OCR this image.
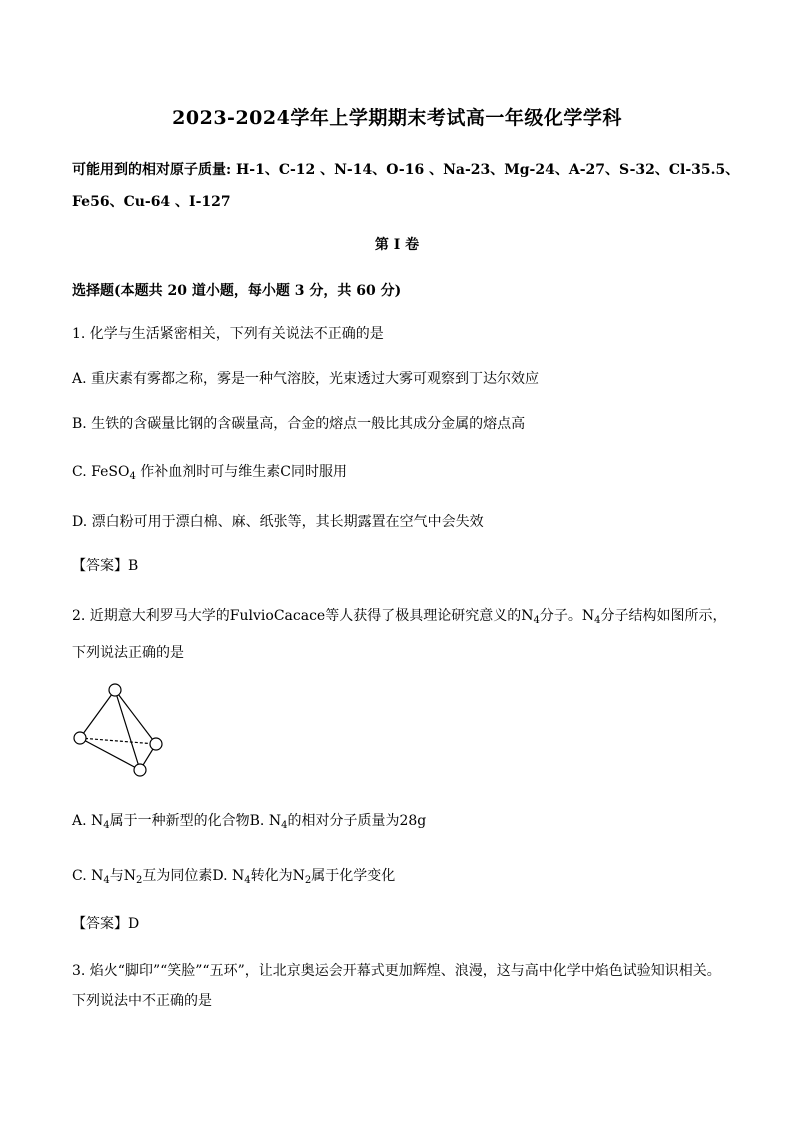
2023-2024学年上学期期末考试高一年级化学学科
可能用到的相对原子质量: H-1、C-12 、N-14、O-16 、Na-23、Mg-24、A-27、S-32、Cl-35.5、
Fe56、Cu-64 、I-127
第 I 卷
选择题(本题共 20 道小题，每小题 3 分，共 60 分)
1. 化学与生活紧密相关，下列有关说法不正确的是
A. 重庆素有雾都之称，雾是一种气溶胶，光束透过大雾可观察到丁达尔效应
B. 生铁的含碳量比钢的含碳量高，合金的熔点一般比其成分金属的熔点高
C. FeSO$_4$ 作补血剂时可与维生素C同时服用
D. 漂白粉可用于漂白棉、麻、纸张等，其长期露置在空气中会失效
【答案】B
2. 近期意大利罗马大学的FulvioCacace等人获得了极具理论研究意义的$N_4$分子。$N_4$分子结构如图所示，
下列说法正确的是
A. $N_4$属于一种新型的化合物B. $N_4$的相对分子质量为28g
C. $N_4$与$N_2$互为同位素D. $N_4$转化为$N_2$属于化学变化
【答案】D
3. 焰火“脚印”“笑脸”“五环”，让北京奥运会开幕式更加辉煌、浪漫，这与高中化学中焰色试验知识相关。
下列说法中不正确的是
